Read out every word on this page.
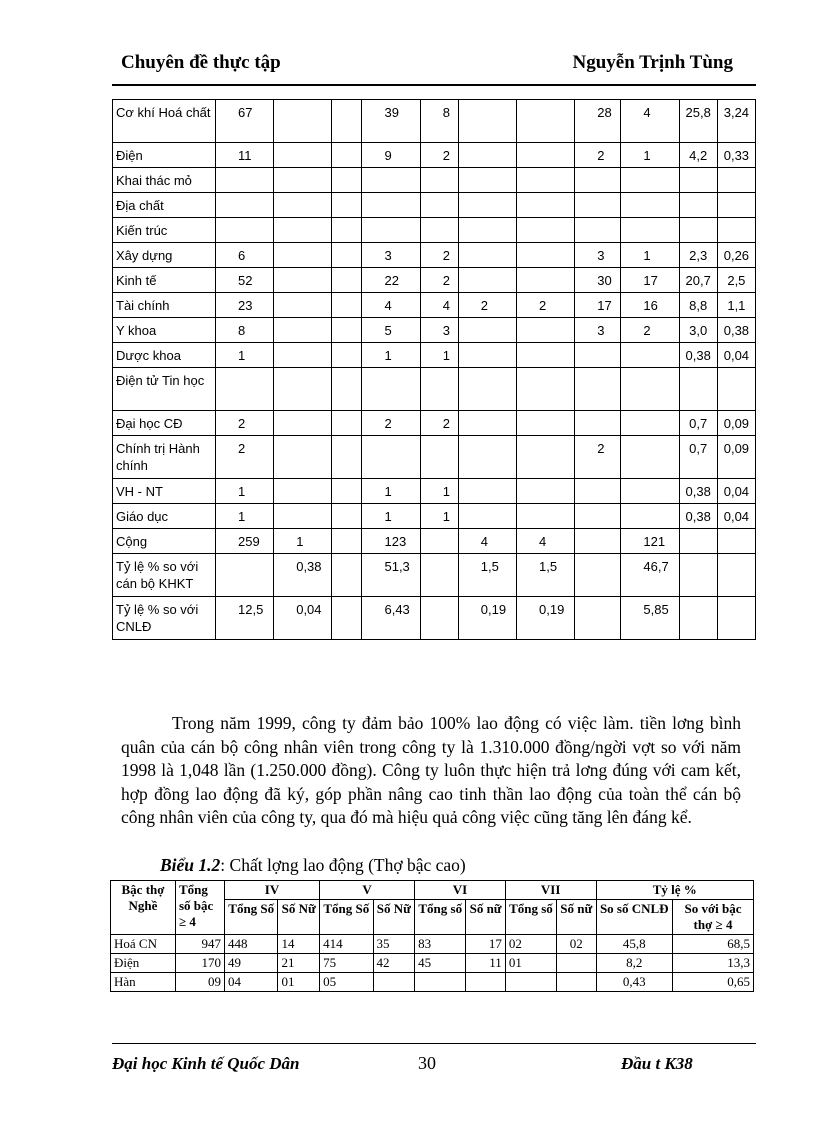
Chuyên đề thực tập	Nguyễn Trịnh Tùng
Cơ khí Hoá chất	67			39	8			28	4	25,8	3,24
Điện	11			9	2			2	1	4,2	0,33
Khai thác mỏ											
Địa chất											
Kiến trúc											
Xây dựng	6			3	2			3	1	2,3	0,26
Kinh tế	52			22	2			30	17	20,7	2,5
Tài chính	23			4	4	2	2	17	16	8,8	1,1
Y khoa	8			5	3			3	2	3,0	0,38
Dược khoa	1			1	1					0,38	0,04
Điện tử Tin học											
Đại học CĐ	2			2	2					0,7	0,09
Chính trị Hành chính	2							2		0,7	0,09
VH - NT	1			1	1					0,38	0,04
Giáo dục	1			1	1					0,38	0,04
Cộng	259	1		123		4	4		121		
Tỷ lệ % so với cán bộ KHKT		0,38		51,3		1,5	1,5		46,7		
Tỷ lệ % so với CNLĐ	12,5	0,04		6,43		0,19	0,19		5,85		
Trong năm 1999, công ty đảm bảo 100% lao động có việc làm. tiền lơng bình quân của cán bộ công nhân viên trong công ty là 1.310.000 đồng/ngời vợt so với năm 1998 là 1,048 lần (1.250.000 đồng). Công ty luôn thực hiện trả lơng đúng với cam kết, hợp đồng lao động đã ký, góp phần nâng cao tinh thần lao động của toàn thể cán bộ công nhân viên của công ty, qua đó mà hiệu quả công việc cũng tăng lên đáng kể.
Biểu 1.2: Chất lợng lao động (Thợ bậc cao)
Bậc thợ Nghề	Tổng số bậc ≥ 4	IV		V		VI		VII		Tỷ lệ %	
		Tổng Số	Số Nữ	Tổng Số	Số Nữ	Tổng số	Số nữ	Tổng số	Số nữ	So số CNLĐ	So với bậc thợ ≥ 4
Hoá CN	947	448	14	414	35	83	17	02	02	45,8	68,5
Điện	170	49	21	75	42	45	11	01		8,2	13,3
Hàn	09	04	01	05						0,43	0,65
Đại học Kinh tế Quốc Dân	30	Đầu t K38
